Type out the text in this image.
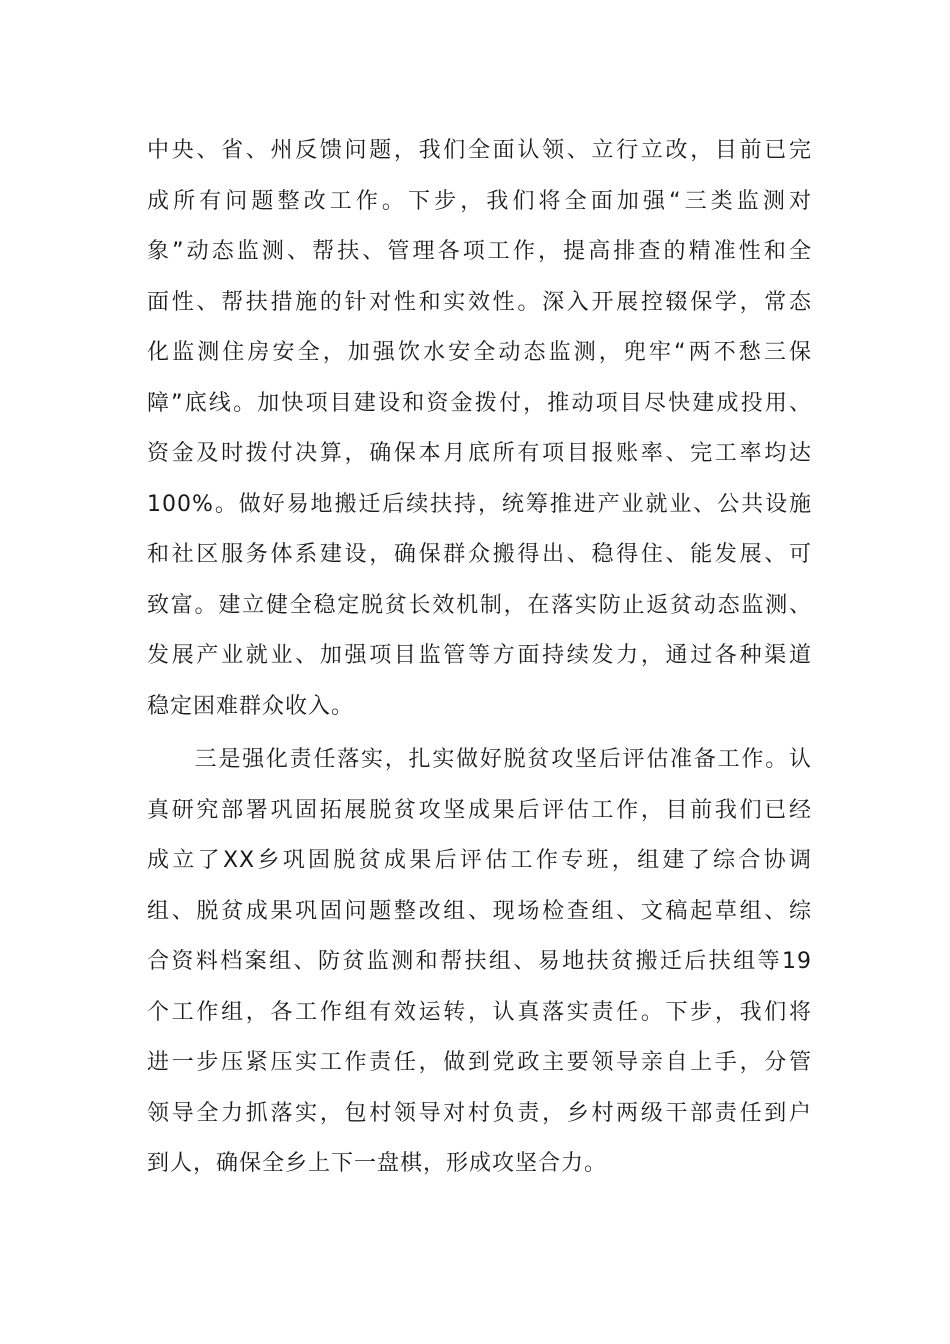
中央、省、州反馈问题，我们全面认领、立行立改，目前已完
成所有问题整改工作。下步，我们将全面加强“三类监测对
象”动态监测、帮扶、管理各项工作，提高排查的精准性和全
面性、帮扶措施的针对性和实效性。深入开展控辍保学，常态
化监测住房安全，加强饮水安全动态监测，兜牢“两不愁三保
障”底线。加快项目建设和资金拨付，推动项目尽快建成投用、
资金及时拨付决算，确保本月底所有项目报账率、完工率均达
100%。做好易地搬迁后续扶持，统筹推进产业就业、公共设施
和社区服务体系建设，确保群众搬得出、稳得住、能发展、可
致富。建立健全稳定脱贫长效机制，在落实防止返贫动态监测、
发展产业就业、加强项目监管等方面持续发力，通过各种渠道
稳定困难群众收入。
　　三是强化责任落实，扎实做好脱贫攻坚后评估准备工作。认
真研究部署巩固拓展脱贫攻坚成果后评估工作，目前我们已经
成立了XX乡巩固脱贫成果后评估工作专班，组建了综合协调
组、脱贫成果巩固问题整改组、现场检查组、文稿起草组、综
合资料档案组、防贫监测和帮扶组、易地扶贫搬迁后扶组等19
个工作组，各工作组有效运转，认真落实责任。下步，我们将
进一步压紧压实工作责任，做到党政主要领导亲自上手，分管
领导全力抓落实，包村领导对村负责，乡村两级干部责任到户
到人，确保全乡上下一盘棋，形成攻坚合力。
